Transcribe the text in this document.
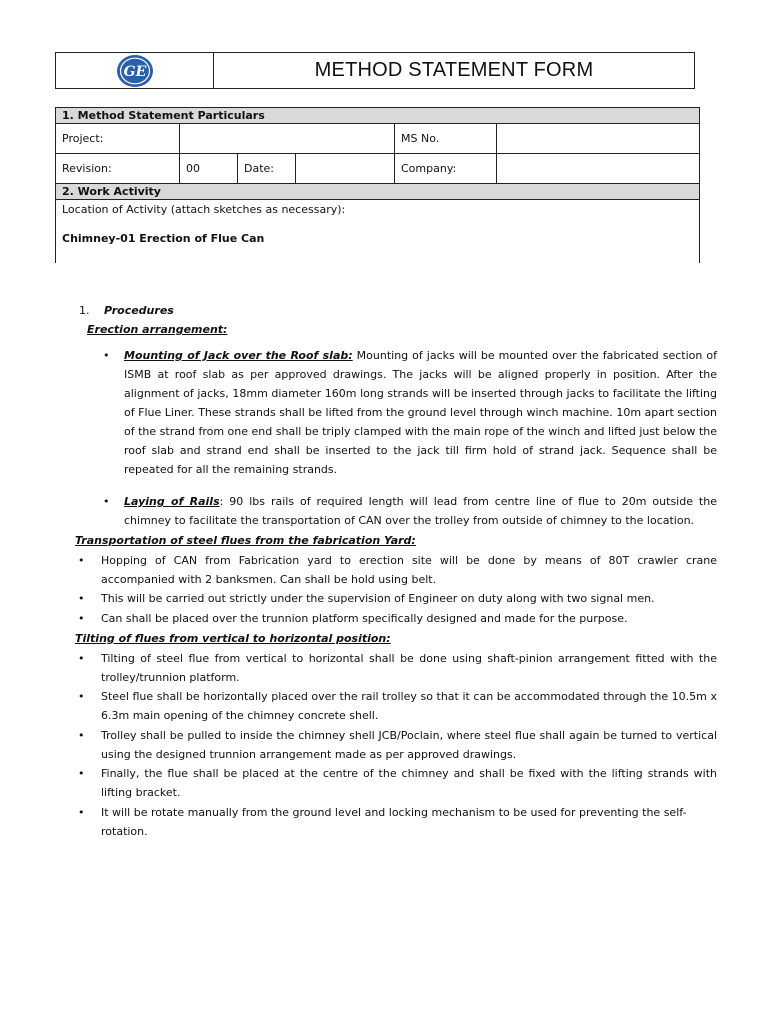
GE	METHOD STATEMENT FORM
1. Method Statement Particulars					
Project:				MS No.	
Revision:	00	Date:		Company:	
2. Work Activity					

Location of Activity (attach sketches as necessary):
Chimney-01 Erection of Flue Can					
1. Procedures
Erection arrangement:
• Mounting of Jack over the Roof slab: Mounting of jacks will be mounted over the fabricated section of ISMB at roof slab as per approved drawings. The jacks will be aligned properly in position. After the alignment of jacks, 18mm diameter 160m long strands will be inserted through jacks to facilitate the lifting of Flue Liner. These strands shall be lifted from the ground level through winch machine. 10m apart section of the strand from one end shall be triply clamped with the main rope of the winch and lifted just below the roof slab and strand end shall be inserted to the jack till firm hold of strand jack. Sequence shall be repeated for all the remaining strands.
• Laying of Rails: 90 lbs rails of required length will lead from centre line of flue to 20m outside the chimney to facilitate the transportation of CAN over the trolley from outside of chimney to the location.
Transportation of steel flues from the fabrication Yard:
• Hopping of CAN from Fabrication yard to erection site will be done by means of 80T crawler crane accompanied with 2 banksmen. Can shall be hold using belt.
• This will be carried out strictly under the supervision of Engineer on duty along with two signal men.
• Can shall be placed over the trunnion platform specifically designed and made for the purpose.
Tilting of flues from vertical to horizontal position:
• Tilting of steel flue from vertical to horizontal shall be done using shaft-pinion arrangement fitted with the trolley/trunnion platform.
• Steel flue shall be horizontally placed over the rail trolley so that it can be accommodated through the 10.5m x 6.3m main opening of the chimney concrete shell.
• Trolley shall be pulled to inside the chimney shell JCB/Poclain, where steel flue shall again be turned to vertical using the designed trunnion arrangement made as per approved drawings.
• Finally, the flue shall be placed at the centre of the chimney and shall be fixed with the lifting strands with lifting bracket.
• It will be rotate manually from the ground level and locking mechanism to be used for preventing the self-rotation.
